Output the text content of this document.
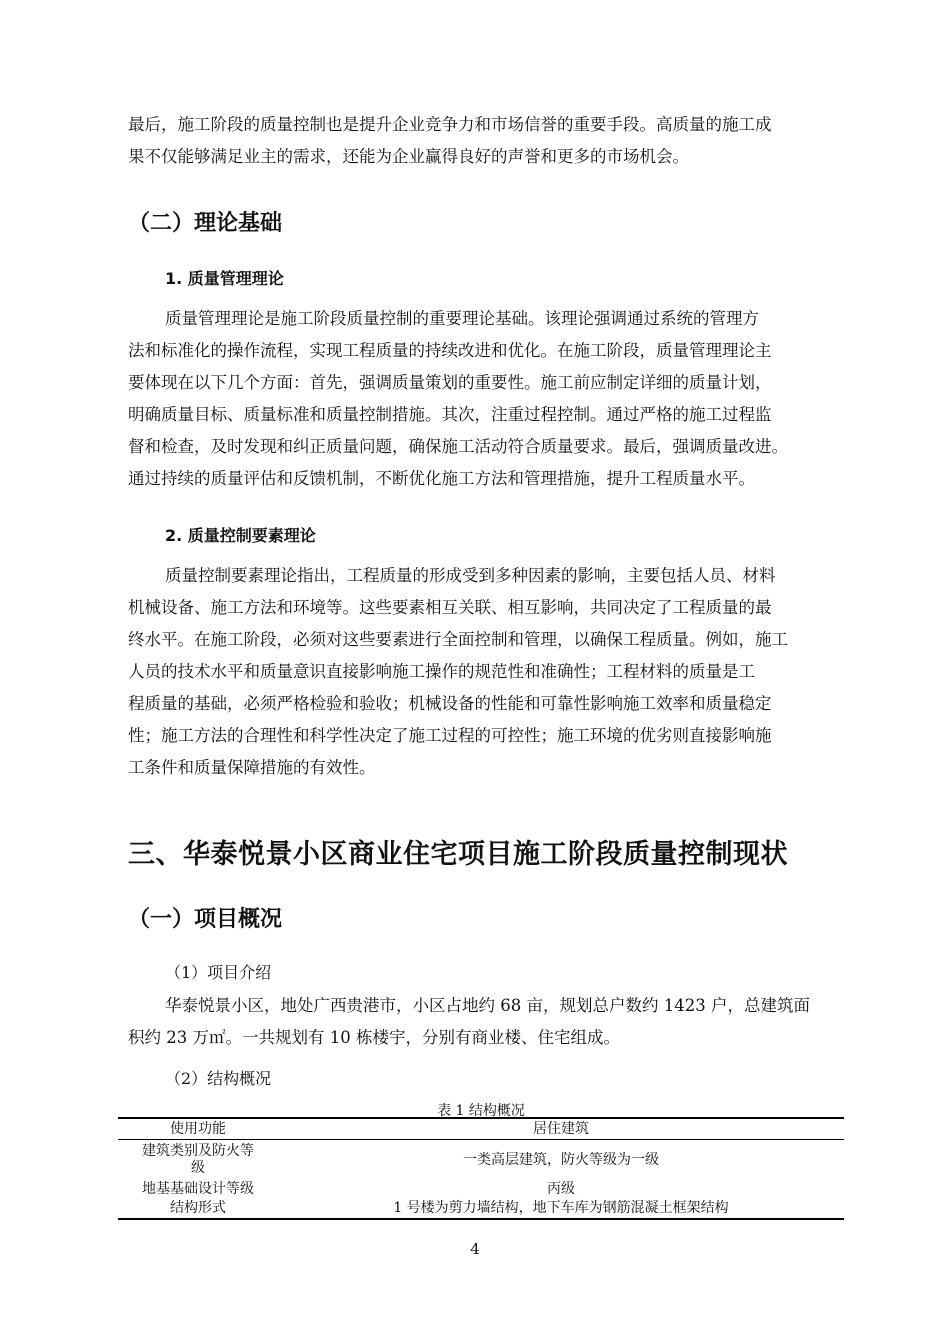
最后，施工阶段的质量控制也是提升企业竞争力和市场信誉的重要手段。高质量的施工成
果不仅能够满足业主的需求，还能为企业赢得良好的声誉和更多的市场机会。
（二）理论基础
1. 质量管理理论
质量管理理论是施工阶段质量控制的重要理论基础。该理论强调通过系统的管理方
法和标准化的操作流程，实现工程质量的持续改进和优化。在施工阶段，质量管理理论主
要体现在以下几个方面：首先，强调质量策划的重要性。施工前应制定详细的质量计划，
明确质量目标、质量标准和质量控制措施。其次，注重过程控制。通过严格的施工过程监
督和检查，及时发现和纠正质量问题，确保施工活动符合质量要求。最后，强调质量改进。
通过持续的质量评估和反馈机制，不断优化施工方法和管理措施，提升工程质量水平。
2. 质量控制要素理论
质量控制要素理论指出，工程质量的形成受到多种因素的影响，主要包括人员、材料
机械设备、施工方法和环境等。这些要素相互关联、相互影响，共同决定了工程质量的最
终水平。在施工阶段，必须对这些要素进行全面控制和管理，以确保工程质量。例如，施工
人员的技术水平和质量意识直接影响施工操作的规范性和准确性；工程材料的质量是工
程质量的基础，必须严格检验和验收；机械设备的性能和可靠性影响施工效率和质量稳定
性；施工方法的合理性和科学性决定了施工过程的可控性；施工环境的优劣则直接影响施
工条件和质量保障措施的有效性。
三、华泰悦景小区商业住宅项目施工阶段质量控制现状
（一）项目概况

（1）项目介绍

华泰悦景小区，地处广西贵港市，小区占地约 68 亩，规划总户数约 1423 户，总建筑面
积约 23 万㎡。一共规划有 10 栋楼宇，分别有商业楼、住宅组成。

（2）结构概况

表 1 结构概况

使用功能	居住建筑
建筑类别及防火等
级	一类高层建筑，防火等级为一级
地基基础设计等级	丙级
结构形式	1 号楼为剪力墙结构，地下车库为钢筋混凝土框架结构

4
